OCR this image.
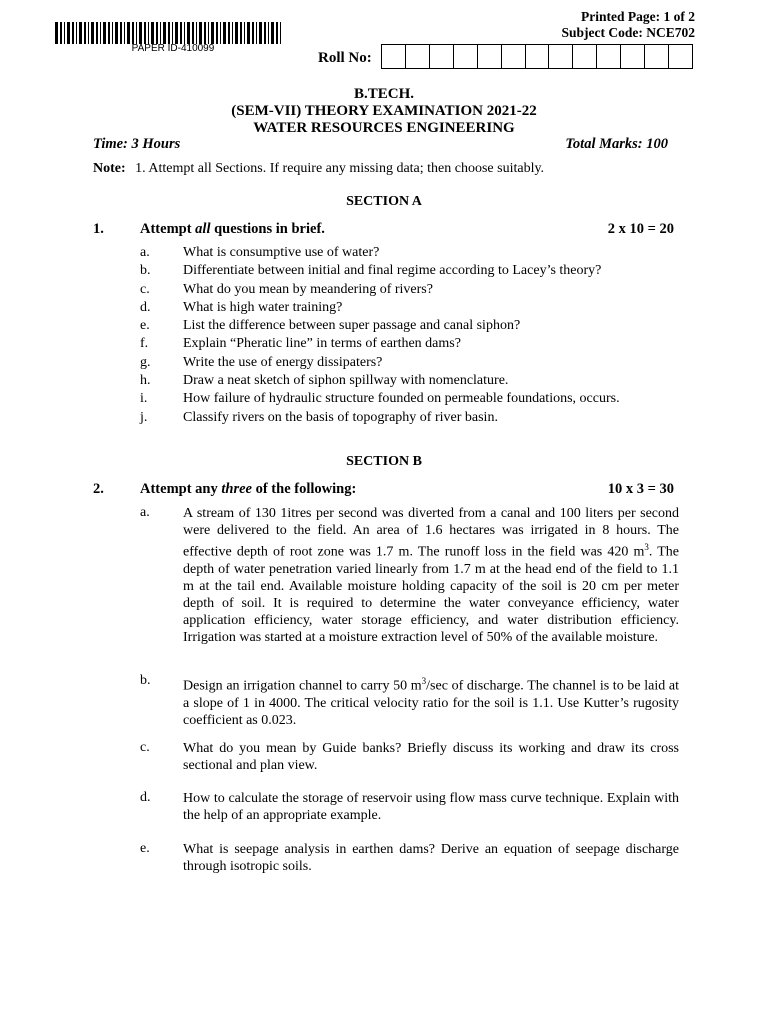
PAPER ID-410099
Printed Page: 1 of 2
Subject Code: NCE702
Roll No:
B.TECH.
(SEM-VII) THEORY EXAMINATION 2021-22
WATER RESOURCES ENGINEERING
Time: 3 Hours	Total Marks: 100
Note: 1. Attempt all Sections. If require any missing data; then choose suitably.
SECTION A
1. Attempt all questions in brief.	2 x 10 = 20
a. What is consumptive use of water?
b. Differentiate between initial and final regime according to Lacey’s theory?
c. What do you mean by meandering of rivers?
d. What is high water training?
e. List the difference between super passage and canal siphon?
f. Explain “Pheratic line” in terms of earthen dams?
g. Write the use of energy dissipaters?
h. Draw a neat sketch of siphon spillway with nomenclature.
i.	How failure of hydraulic structure founded on permeable foundations, occurs.
j.	Classify rivers on the basis of topography of river basin.
SECTION B
2. Attempt any three of the following:	10 x 3 = 30
a. A stream of 130 1itres per second was diverted from a canal and 100 liters per second were delivered to the field. An area of 1.6 hectares was irrigated in 8 hours. The effective depth of root zone was 1.7 m. The runoff loss in the field was 420 $m^3$. The depth of water penetration varied linearly from 1.7 m at the head end of the field to 1.1 m at the tail end. Available moisture holding capacity of the soil is 20 cm per meter depth of soil. It is required to determine the water conveyance efficiency, water application efficiency, water storage efficiency, and water distribution efficiency. Irrigation was started at a moisture extraction level of 50% of the available moisture.
b. Design an irrigation channel to carry 50 $m^3/\sec$ of discharge. The channel is to be laid at a slope of 1 in 4000. The critical velocity ratio for the soil is 1.1. Use Kutter’s rugosity coefficient as 0.023.
c. What do you mean by Guide banks? Briefly discuss its working and draw its cross sectional and plan view.
d. How to calculate the storage of reservoir using flow mass curve technique. Explain with the help of an appropriate example.
e. What is seepage analysis in earthen dams? Derive an equation of seepage discharge through isotropic soils.
